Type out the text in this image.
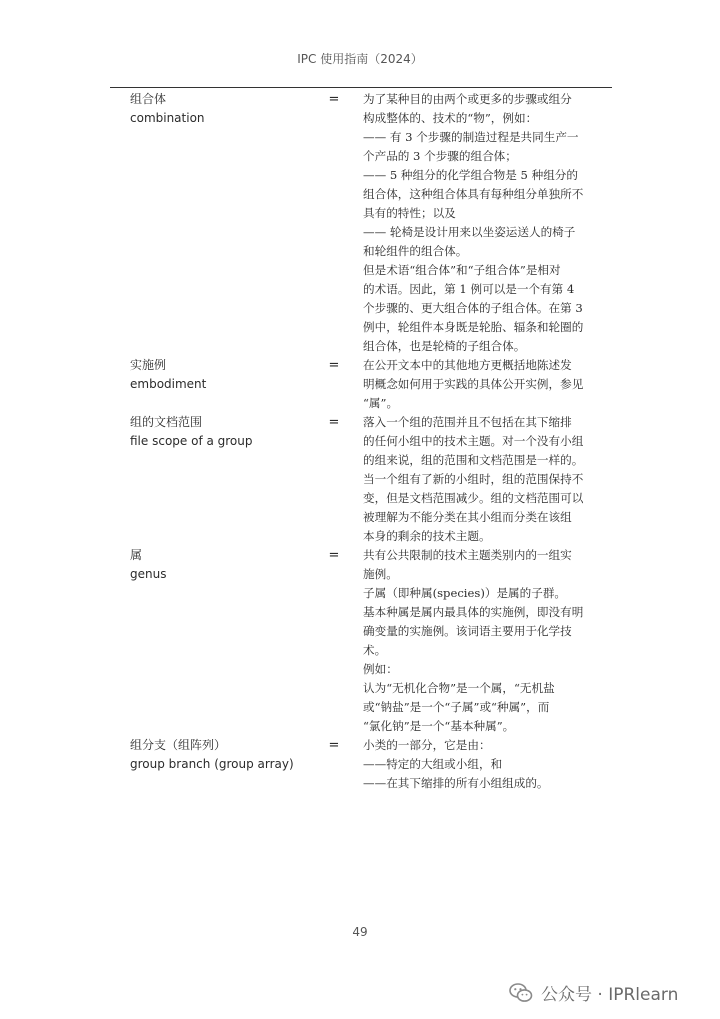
IPC 使用指南（2024）
组合体
combination
= 为了某种目的由两个或更多的步骤或组分

构成整体的、技术的“物”，例如：

—— 有 3 个步骤的制造过程是共同生产一

个产品的 3 个步骤的组合体；

—— 5 种组分的化学组合物是 5 种组分的

组合体，这种组合体具有每种组分单独所不

具有的特性；以及

—— 轮椅是设计用来以坐姿运送人的椅子

和轮组件的组合体。

但是术语“组合体”和“子组合体”是相对

的术语。因此，第 1 例可以是一个有第 4

个步骤的、更大组合体的子组合体。在第 3

例中，轮组件本身既是轮胎、辐条和轮圈的

组合体，也是轮椅的子组合体。

实施例
embodiment
= 在公开文本中的其他地方更概括地陈述发

明概念如何用于实践的具体公开实例，参见

“属”。

组的文档范围
file scope of a group
= 落入一个组的范围并且不包括在其下缩排

的任何小组中的技术主题。对一个没有小组

的组来说，组的范围和文档范围是一样的。

当一个组有了新的小组时，组的范围保持不

变，但是文档范围减少。组的文档范围可以

被理解为不能分类在其小组而分类在该组

本身的剩余的技术主题。

属
genus
= 共有公共限制的技术主题类别内的一组实

施例。

子属（即种属(species)）是属的子群。

基本种属是属内最具体的实施例，即没有明

确变量的实施例。该词语主要用于化学技

术。

例如：

认为“无机化合物”是一个属，“无机盐

或“钠盐”是一个“子属”或“种属”，而

“氯化钠”是一个“基本种属”。

组分支（组阵列）
group branch (group array)
= 小类的一部分，它是由：

——特定的大组或小组，和

——在其下缩排的所有小组组成的。

49
公众号 · IPRlearn
